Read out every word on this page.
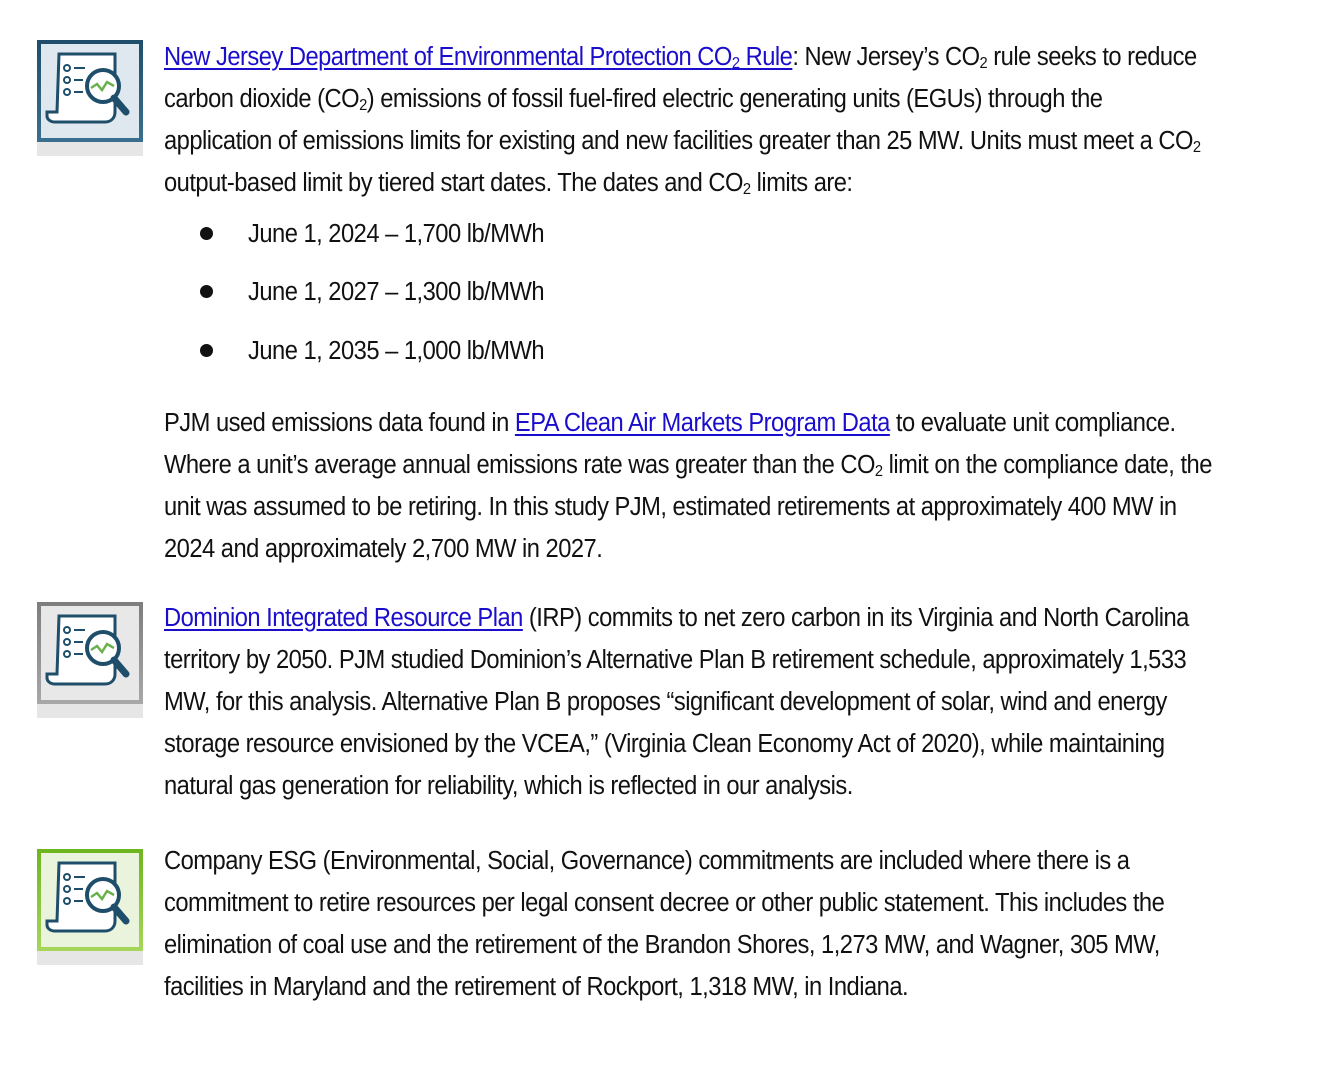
New Jersey Department of Environmental Protection $CO_2$ Rule: New Jersey’s $CO_2$ rule seeks to reduce carbon dioxide $(CO_2)$ emissions of fossil fuel-fired electric generating units (EGUs) through the application of emissions limits for existing and new facilities greater than 25 MW. Units must meet a $CO_2$ output-based limit by tiered start dates. The dates and $CO_2$ limits are:
June 1, 2024 – 1,700 lb/MWh
June 1, 2027 – 1,300 lb/MWh
June 1, 2035 – 1,000 lb/MWh
PJM used emissions data found in EPA Clean Air Markets Program Data to evaluate unit compliance. Where a unit’s average annual emissions rate was greater than the $CO_2$ limit on the compliance date, the unit was assumed to be retiring. In this study PJM, estimated retirements at approximately 400 MW in 2024 and approximately 2,700 MW in 2027.
Dominion Integrated Resource Plan (IRP) commits to net zero carbon in its Virginia and North Carolina territory by 2050. PJM studied Dominion’s Alternative Plan B retirement schedule, approximately 1,533 MW, for this analysis. Alternative Plan B proposes “significant development of solar, wind and energy storage resource envisioned by the VCEA,” (Virginia Clean Economy Act of 2020), while maintaining natural gas generation for reliability, which is reflected in our analysis.
Company ESG (Environmental, Social, Governance) commitments are included where there is a commitment to retire resources per legal consent decree or other public statement. This includes the elimination of coal use and the retirement of the Brandon Shores, 1,273 MW, and Wagner, 305 MW, facilities in Maryland and the retirement of Rockport, 1,318 MW, in Indiana.
